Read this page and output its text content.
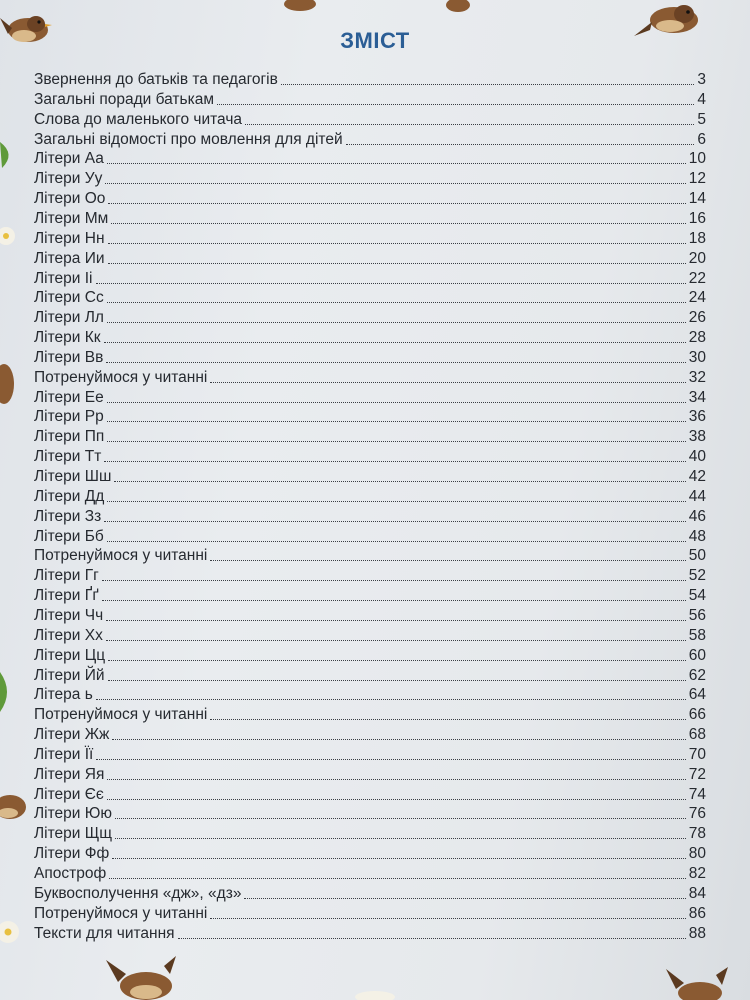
ЗМІСТ
Звернення до батьків та педагогів	3
Загальні поради батькам	4
Слова до маленького читача	5
Загальні відомості про мовлення для дітей	6
Літери Аа	10
Літери Уу	12
Літери Оо	14
Літери Мм	16
Літери Нн	18
Літера Ии	20
Літери Іі	22
Літери Сс	24
Літери Лл	26
Літери Кк	28
Літери Вв	30
Потренуймося у читанні	32
Літери Ее	34
Літери Рр	36
Літери Пп	38
Літери Тт	40
Літери Шш	42
Літери Дд	44
Літери Зз	46
Літери Бб	48
Потренуймося у читанні	50
Літери Гг	52
Літери Ґґ	54
Літери Чч	56
Літери Хх	58
Літери Цц	60
Літери Йй	62
Літера ь	64
Потренуймося у читанні	66
Літери Жж	68
Літери Її	70
Літери Яя	72
Літери Єє	74
Літери Юю	76
Літери Щщ	78
Літери Фф	80
Апостроф	82
Буквосполучення «дж», «дз»	84
Потренуймося у читанні	86
Тексти для читання	88
